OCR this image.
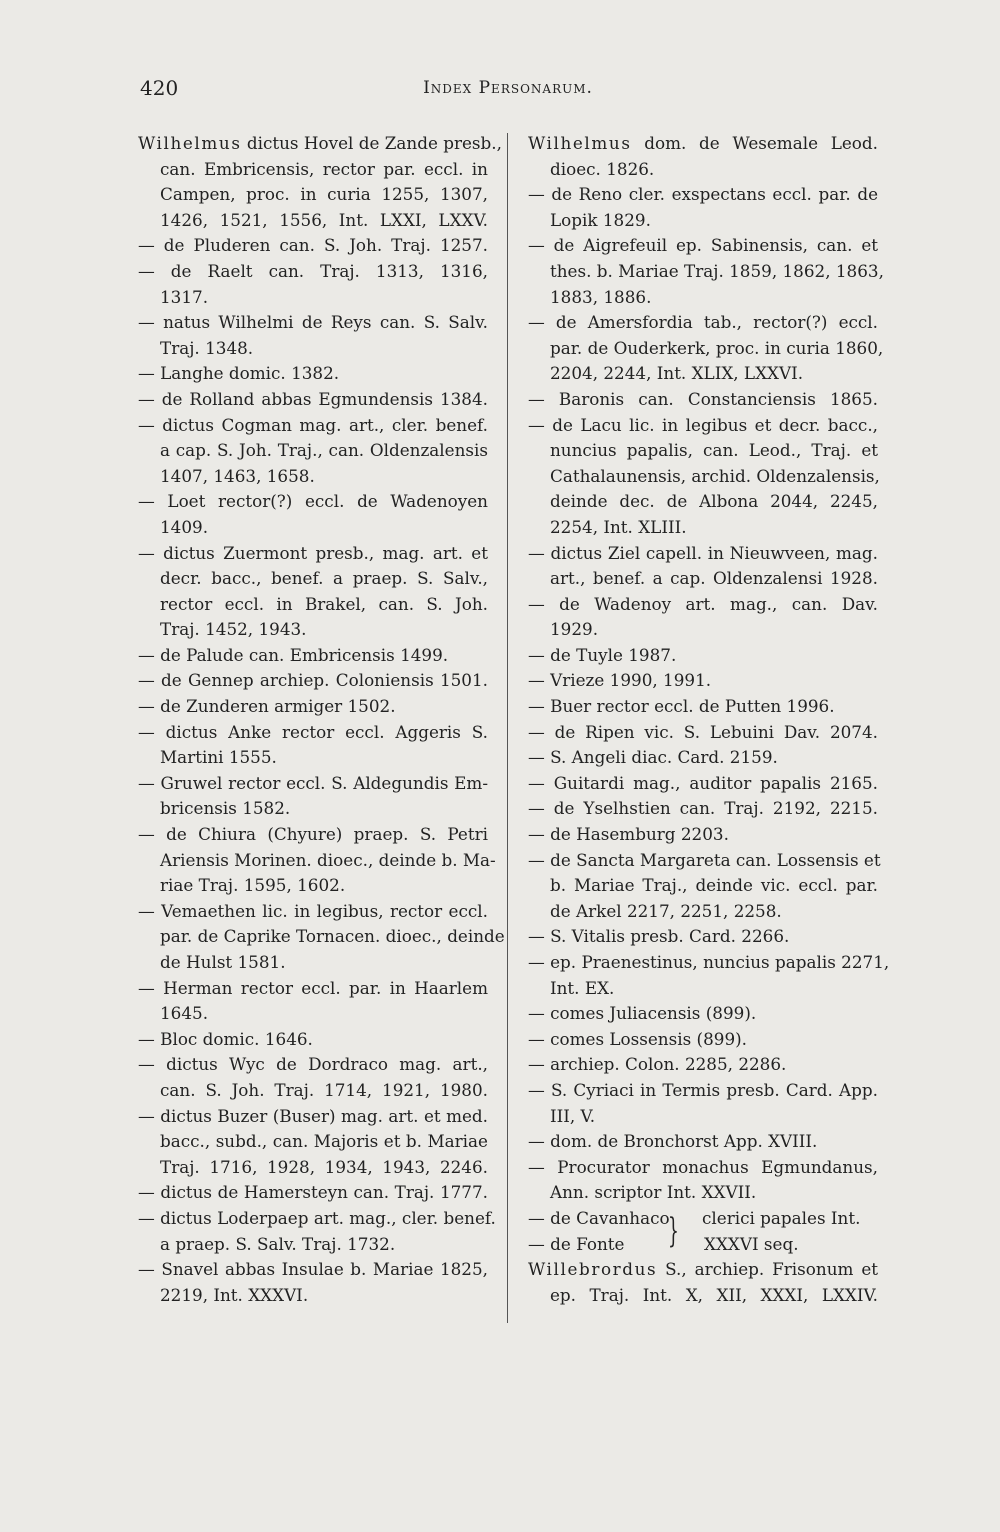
420	Index Personarum.
Wilhelmus dictus Hovel de Zande presb.,
can. Embricensis, rector par. eccl. in
Campen, proc. in curia 1255, 1307,
1426, 1521, 1556, Int. LXXI, LXXV.
— de Pluderen can. S. Joh. Traj. 1257.
— de Raelt can. Traj. 1313, 1316,
1317.
— natus Wilhelmi de Reys can. S. Salv.
Traj. 1348.
— Langhe domic. 1382.
— de Rolland abbas Egmundensis 1384.
— dictus Cogman mag. art., cler. benef.
a cap. S. Joh. Traj., can. Oldenzalensis
1407, 1463, 1658.
— Loet rector(?) eccl. de Wadenoyen
1409.
— dictus Zuermont presb., mag. art. et
decr. bacc., benef. a praep. S. Salv.,
rector eccl. in Brakel, can. S. Joh.
Traj. 1452, 1943.
— de Palude can. Embricensis 1499.
— de Gennep archiep. Coloniensis 1501.
— de Zunderen armiger 1502.
— dictus Anke rector eccl. Aggeris S.
Martini 1555.
— Gruwel rector eccl. S. Aldegundis Em-
bricensis 1582.
— de Chiura (Chyure) praep. S. Petri
Ariensis Morinen. dioec., deinde b. Ma-
riae Traj. 1595, 1602.
— Vemaethen lic. in legibus, rector eccl.
par. de Caprike Tornacen. dioec., deinde
de Hulst 1581.
— Herman rector eccl. par. in Haarlem
1645.
— Bloc domic. 1646.
— dictus Wyc de Dordraco mag. art.,
can. S. Joh. Traj. 1714, 1921, 1980.
— dictus Buzer (Buser) mag. art. et med.
bacc., subd., can. Majoris et b. Mariae
Traj. 1716, 1928, 1934, 1943, 2246.
— dictus de Hamersteyn can. Traj. 1777.
— dictus Loderpaep art. mag., cler. benef.
a praep. S. Salv. Traj. 1732.
— Snavel abbas Insulae b. Mariae 1825,
2219, Int. XXXVI.
Wilhelmus dom. de Wesemale Leod.
dioec. 1826.
— de Reno cler. exspectans eccl. par. de
Lopik 1829.
— de Aigrefeuil ep. Sabinensis, can. et
thes. b. Mariae Traj. 1859, 1862, 1863,
1883, 1886.
— de Amersfordia tab., rector(?) eccl.
par. de Ouderkerk, proc. in curia 1860,
2204, 2244, Int. XLIX, LXXVI.
— Baronis can. Constanciensis 1865.
— de Lacu lic. in legibus et decr. bacc.,
nuncius papalis, can. Leod., Traj. et
Cathalaunensis, archid. Oldenzalensis,
deinde dec. de Albona 2044, 2245,
2254, Int. XLIII.
— dictus Ziel capell. in Nieuwveen, mag.
art., benef. a cap. Oldenzalensi 1928.
— de Wadenoy art. mag., can. Dav.
1929.
— de Tuyle 1987.
— Vrieze 1990, 1991.
— Buer rector eccl. de Putten 1996.
— de Ripen vic. S. Lebuini Dav. 2074.
— S. Angeli diac. Card. 2159.
— Guitardi mag., auditor papalis 2165.
— de Yselhstien can. Traj. 2192, 2215.
— de Hasemburg 2203.
— de Sancta Margareta can. Lossensis et
b. Mariae Traj., deinde vic. eccl. par.
de Arkel 2217, 2251, 2258.
— S. Vitalis presb. Card. 2266.
— ep. Praenestinus, nuncius papalis 2271,
Int. EX.
— comes Juliacensis (899).
— comes Lossensis (899).
— archiep. Colon. 2285, 2286.
— S. Cyriaci in Termis presb. Card. App.
III, V.
— dom. de Bronchorst App. XVIII.
— Procurator monachus Egmundanus,
Ann. scriptor Int. XXVII.
— de Cavanhaco
— de Fonte } clerici papales Int.
XXXVI seq.
Willebrordus S., archiep. Frisonum et
ep. Traj. Int. X, XII, XXXI, LXXIV.
